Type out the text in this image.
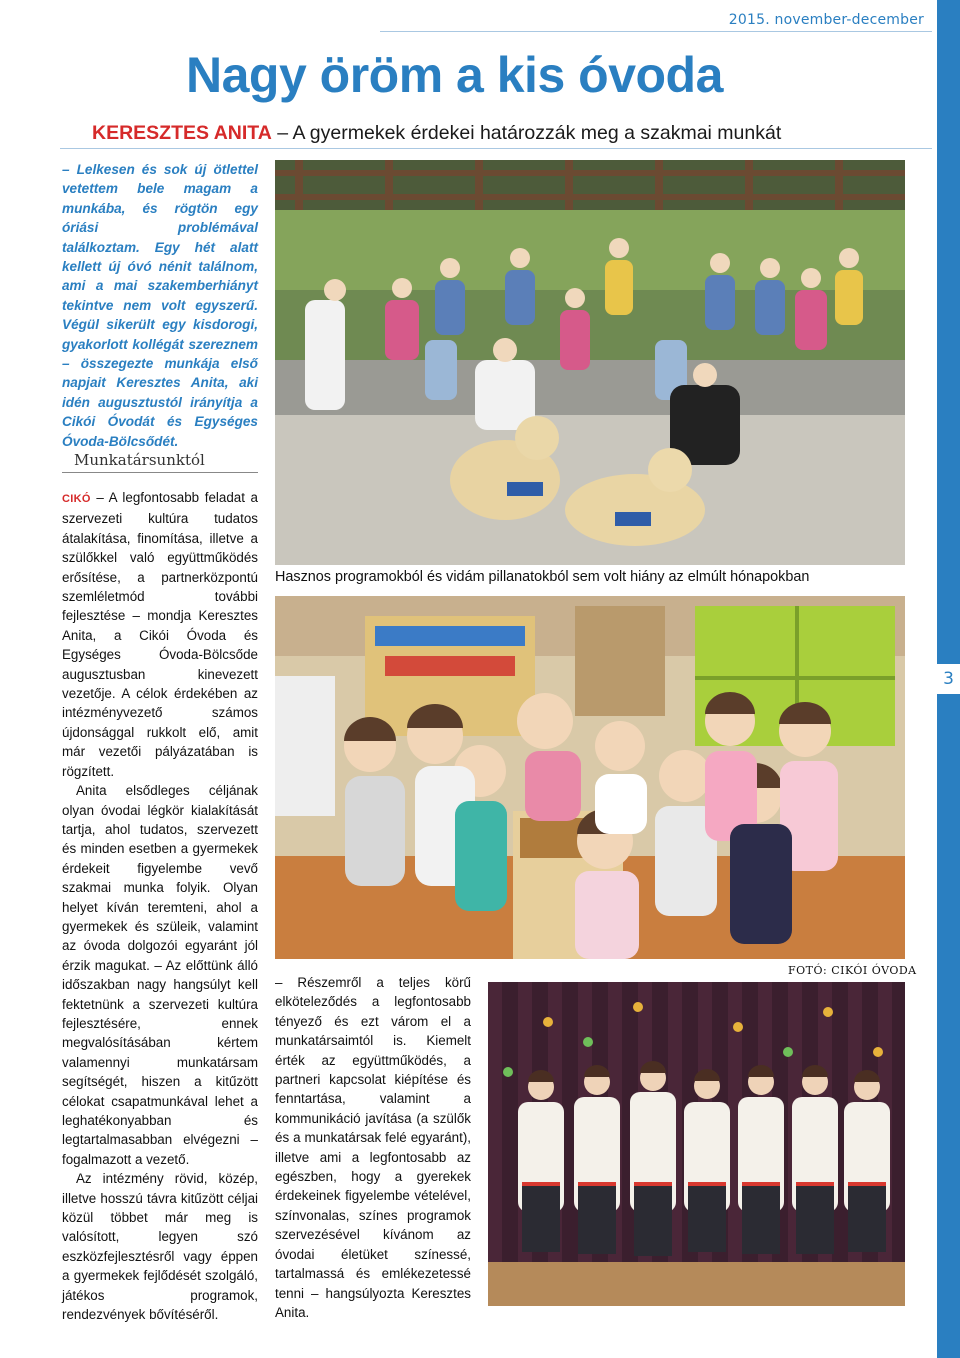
3
2015. november-december
Nagy öröm a kis óvoda
KERESZTES ANITA – A gyermekek érdekei határozzák meg a szakmai munkát
– Lelkesen és sok új ötlettel vetettem bele magam a munkába, és rögtön egy óriási problémával találkoztam. Egy hét alatt kellett új óvó nénit találnom, ami a mai szakemberhiányt tekintve nem volt egyszerű. Végül sikerült egy kisdorogi, gyakorlott kollégát szereznem – összegezte munkája első napjait Keresztes Anita, aki idén augusztustól irányítja a Cikói Óvodát és Egységes Óvoda-Bölcsődét.
Munkatársunktól

CIKÓ – A legfontosabb feladat a szervezeti kultúra tudatos átalakítása, finomítása, illetve a szülőkkel való együttműködés erősítése, a partnerközpontú szemléletmód további fejlesztése – mondja Keresztes Anita, a Cikói Óvoda és Egységes Óvoda-Bölcsőde augusztusban kinevezett vezetője. A célok érdekében az intézményvezető számos újdonsággal rukkolt elő, amit már vezetői pályázatában is rögzített.

Anita elsődleges céljának olyan óvodai légkör kialakítását tartja, ahol tudatos, szervezett és minden esetben a gyermekek érdekeit figyelembe vevő szakmai munka folyik. Olyan helyet kíván teremteni, ahol a gyermekek és szüleik, valamint az óvoda dolgozói egyaránt jól érzik magukat. – Az előttünk álló időszakban nagy hangsúlyt kell fektetnünk a szervezeti kultúra fejlesztésére, ennek megvalósításában kértem valamennyi munkatársam segítségét, hiszen a kitűzött célokat csapatmunkával lehet a leghatékonyabban és legtartalmasabban elvégezni – fogalmazott a vezető.

Az intézmény rövid, közép, illetve hosszú távra kitűzött céljai közül többet már meg is valósított, legyen szó eszközfejlesztésről vagy éppen a gyermekek fejlődését szolgáló, játékos programok, rendezvények bővítéséről.

– Részemről a teljes körű elköteleződés a legfontosabb tényező és ezt várom el a munkatársaimtól is. Kiemelt érték az együttműködés, a partneri kapcsolat kiépítése és fenntartása, valamint a kommunikáció javítása (a szülők és a munkatársak felé egyaránt), illetve ami a legfontosabb az egészben, hogy a gyerekek érdekeinek figyelembe vételével, színvonalas, színes programok szervezésével kívánom az óvodai életüket színessé, tartalmassá és emlékezetessé tenni – hangsúlyozta Keresztes Anita.

Hasznos programokból és vidám pillanatokból sem volt hiány az elmúlt hónapokban
FOTÓ: CIKÓI ÓVODA
